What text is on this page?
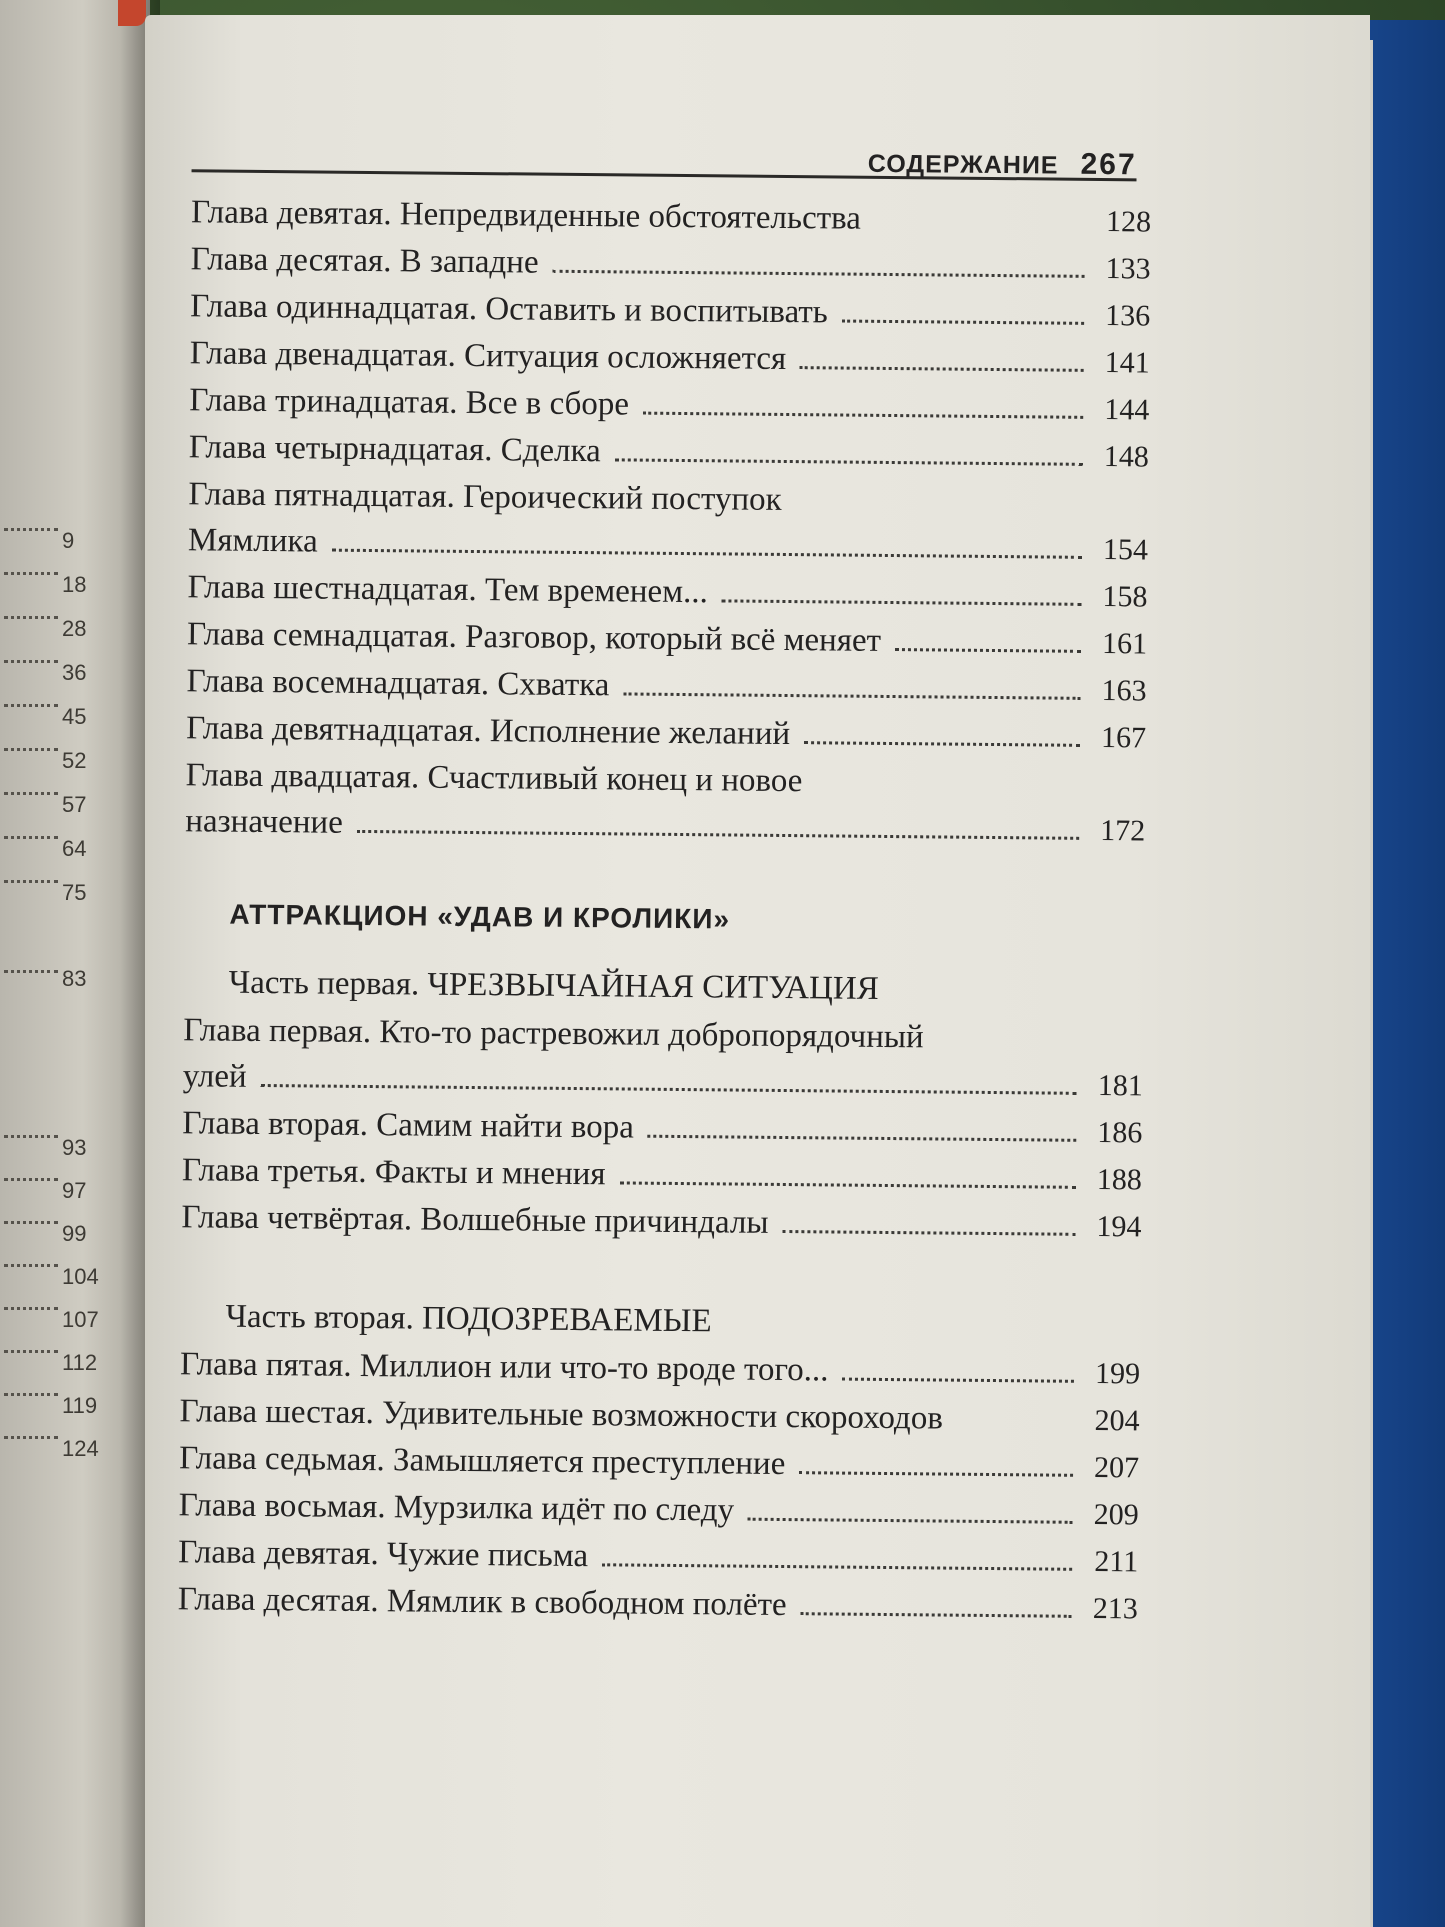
9
18
28
36
45
52
57
64
75
83
93
97
99
104
107
112
119
124
СОДЕРЖАНИЕ 267
Глава девятая. Непредвиденные обстоятельства	128
Глава десятая. В западне	133
Глава одиннадцатая. Оставить и воспитывать	136
Глава двенадцатая. Ситуация осложняется	141
Глава тринадцатая. Все в сборе	144
Глава четырнадцатая. Сделка	148
Глава пятнадцатая. Героический поступок
Мямлика	154
Глава шестнадцатая. Тем временем...	158
Глава семнадцатая. Разговор, который всё меняет	161
Глава восемнадцатая. Схватка	163
Глава девятнадцатая. Исполнение желаний	167
Глава двадцатая. Счастливый конец и новое
назначение	172
АТТРАКЦИОН «УДАВ И КРОЛИКИ»
Часть первая. ЧРЕЗВЫЧАЙНАЯ СИТУАЦИЯ
Глава первая. Кто-то растревожил добропорядочный
улей	181
Глава вторая. Самим найти вора	186
Глава третья. Факты и мнения	188
Глава четвёртая. Волшебные причиндалы	194
Часть вторая. ПОДОЗРЕВАЕМЫЕ
Глава пятая. Миллион или что-то вроде того...	199
Глава шестая. Удивительные возможности скороходов	204
Глава седьмая. Замышляется преступление	207
Глава восьмая. Мурзилка идёт по следу	209
Глава девятая. Чужие письма	211
Глава десятая. Мямлик в свободном полёте	213
